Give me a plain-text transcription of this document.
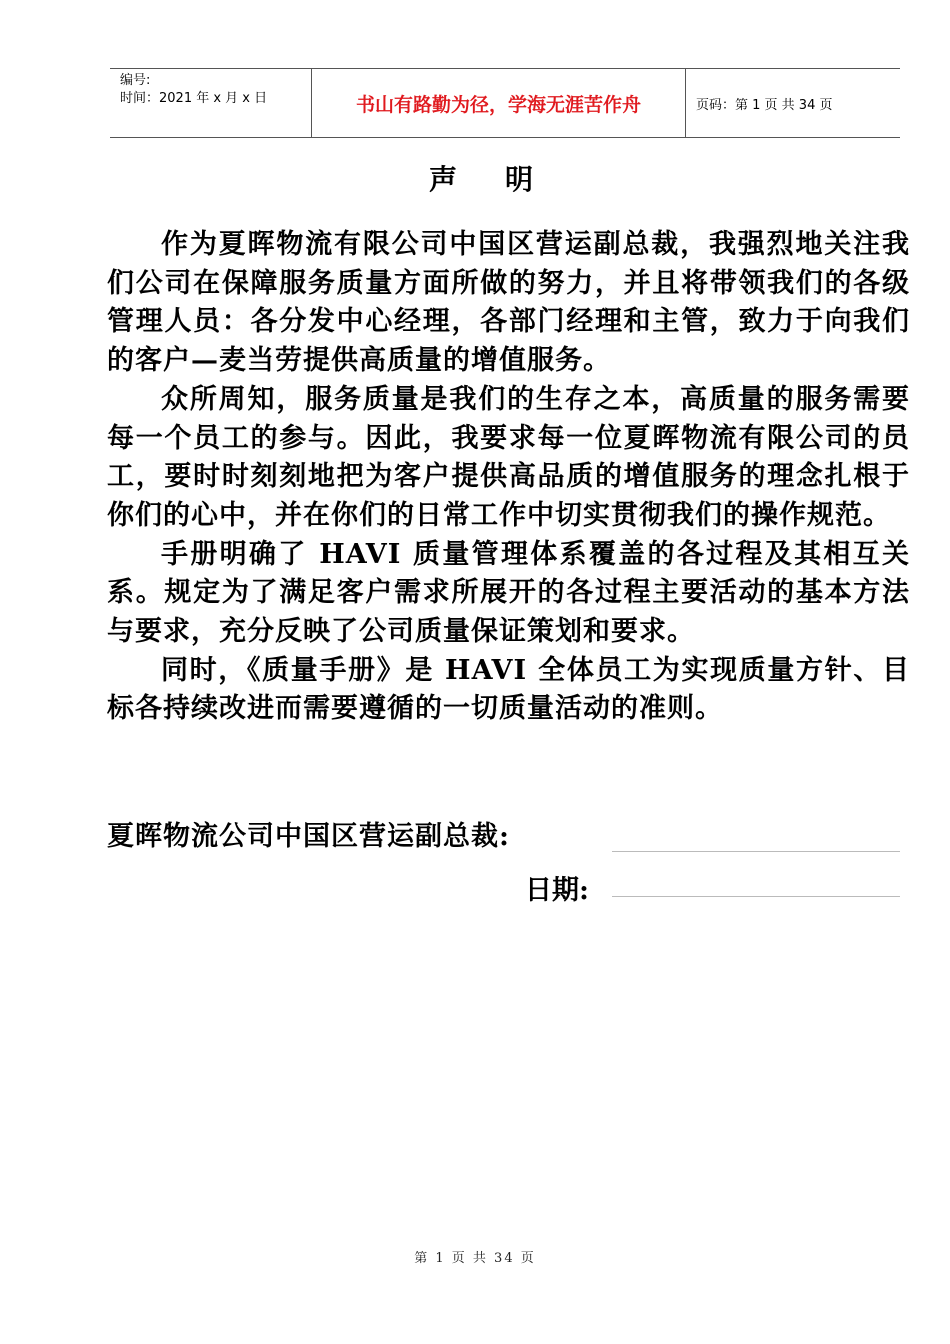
编号:
时间：2021 年 x 月 x 日	书山有路勤为径，学海无涯苦作舟	页码：第 1 页 共 34 页
声明

作为夏晖物流有限公司中国区营运副总裁，我强烈地关注我们公司在保障服务质量方面所做的努力，并且将带领我们的各级管理人员：各分发中心经理，各部门经理和主管，致力于向我们的客户—麦当劳提供高质量的增值服务。

众所周知，服务质量是我们的生存之本，高质量的服务需要每一个员工的参与。因此，我要求每一位夏晖物流有限公司的员工，要时时刻刻地把为客户提供高品质的增值服务的理念扎根于你们的心中，并在你们的日常工作中切实贯彻我们的操作规范。

手册明确了 HAVI 质量管理体系覆盖的各过程及其相互关系。规定为了满足客户需求所展开的各过程主要活动的基本方法与要求，充分反映了公司质量保证策划和要求。

同时，《质量手册》是 HAVI 全体员工为实现质量方针、目标各持续改进而需要遵循的一切质量活动的准则。

夏晖物流公司中国区营运副总裁:
日期:
第 1 页 共 34 页
